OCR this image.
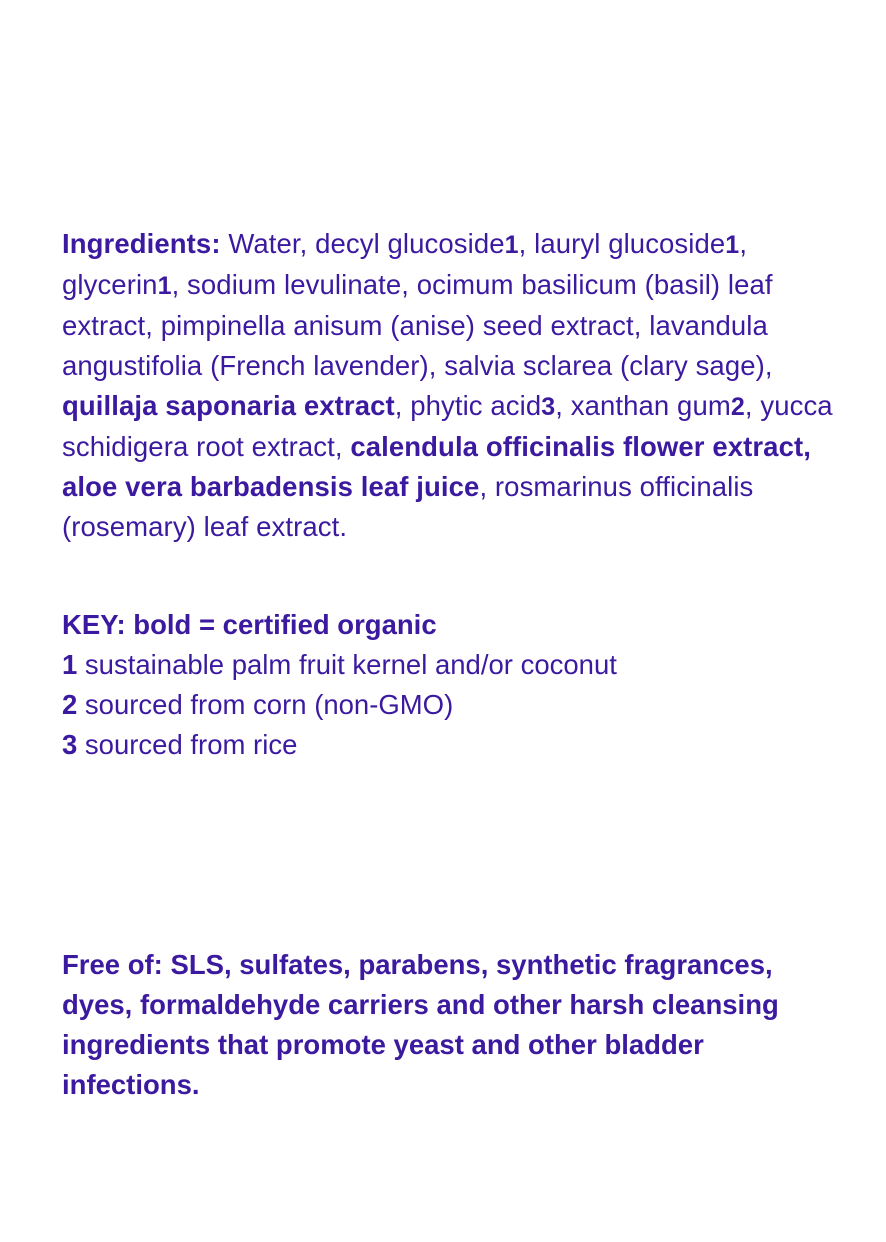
Ingredients: Water, decyl glucoside1, lauryl glucoside1, glycerin1, sodium levulinate, ocimum basilicum (basil) leaf extract, pimpinella anisum (anise) seed extract, lavandula angustifolia (French lavender), salvia sclarea (clary sage), quillaja saponaria extract, phytic acid3, xanthan gum2, yucca schidigera root extract, calendula officinalis flower extract, aloe vera barbadensis leaf juice, rosmarinus officinalis (rosemary) leaf extract.

KEY: bold = certified organic
1 sustainable palm fruit kernel and/or coconut
2 sourced from corn (non-GMO)
3 sourced from rice

Free of: SLS, sulfates, parabens, synthetic fragrances, dyes, formaldehyde carriers and other harsh cleansing ingredients that promote yeast and other bladder infections.
